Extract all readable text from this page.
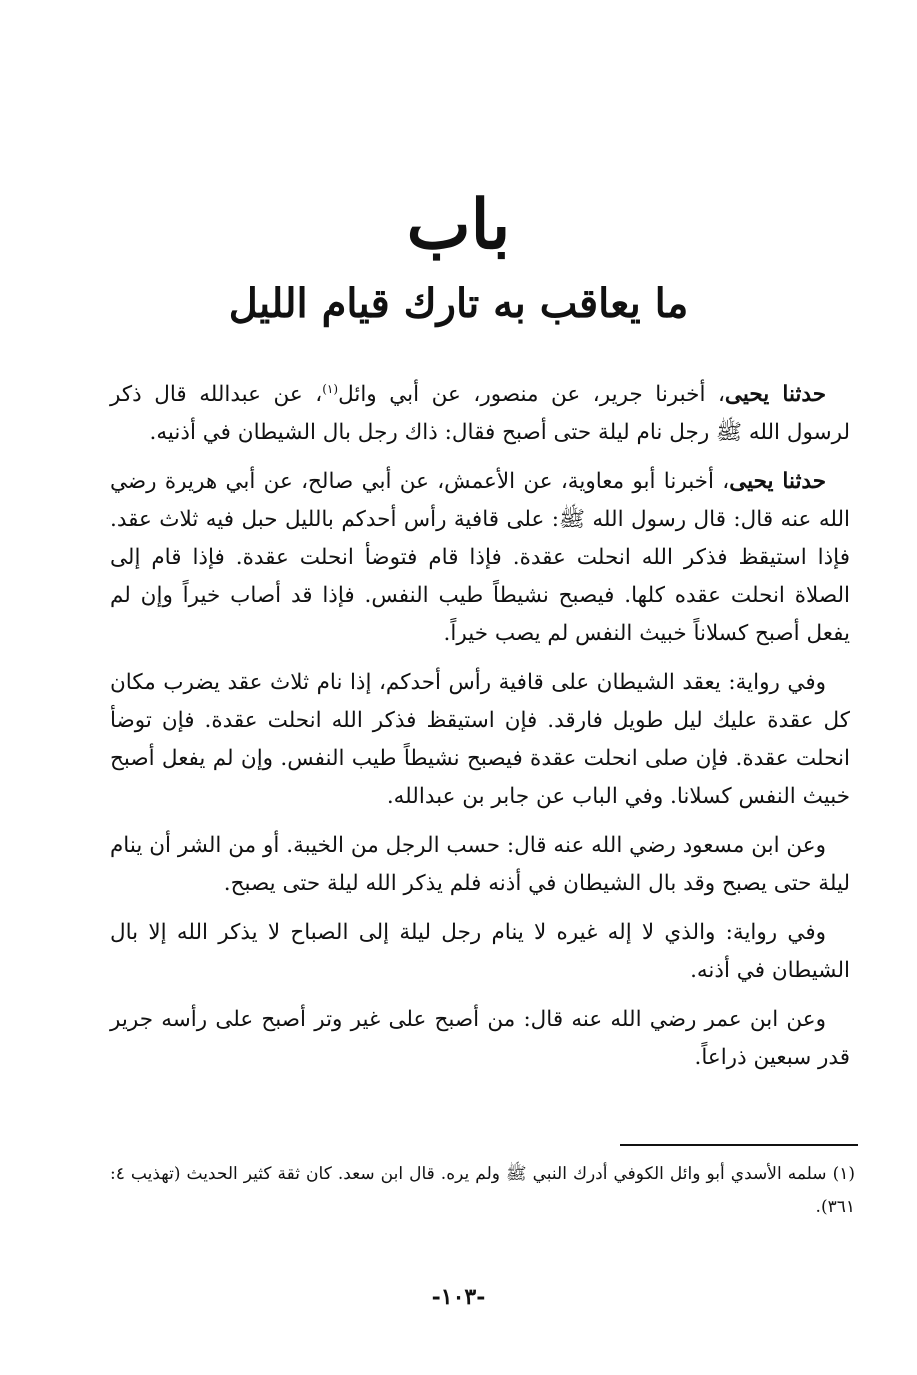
باب
ما يعاقب به تارك قيام الليل

حدثنا يحيى، أخبرنا جرير، عن منصور، عن أبي وائل$^{(١)}$، عن عبدالله قال ذكر لرسول الله ﷺ رجل نام ليلة حتى أصبح فقال: ذاك رجل بال الشيطان في أذنيه.

حدثنا يحيى، أخبرنا أبو معاوية، عن الأعمش، عن أبي صالح، عن أبي هريرة رضي الله عنه قال: قال رسول الله ﷺ: على قافية رأس أحدكم بالليل حبل فيه ثلاث عقد. فإذا استيقظ فذكر الله انحلت عقدة. فإذا قام فتوضأ انحلت عقدة. فإذا قام إلى الصلاة انحلت عقده كلها. فيصبح نشيطاً طيب النفس. فإذا قد أصاب خيراً وإن لم يفعل أصبح كسلاناً خبيث النفس لم يصب خيراً.

وفي رواية: يعقد الشيطان على قافية رأس أحدكم، إذا نام ثلاث عقد يضرب مكان كل عقدة عليك ليل طويل فارقد. فإن استيقظ فذكر الله انحلت عقدة. فإن توضأ انحلت عقدة. فإن صلى انحلت عقدة فيصبح نشيطاً طيب النفس. وإن لم يفعل أصبح خبيث النفس كسلانا. وفي الباب عن جابر بن عبدالله.

وعن ابن مسعود رضي الله عنه قال: حسب الرجل من الخيبة. أو من الشر أن ينام ليلة حتى يصبح وقد بال الشيطان في أذنه فلم يذكر الله ليلة حتى يصبح.

وفي رواية: والذي لا إله غيره لا ينام رجل ليلة إلى الصباح لا يذكر الله إلا بال الشيطان في أذنه.

وعن ابن عمر رضي الله عنه قال: من أصبح على غير وتر أصبح على رأسه جرير قدر سبعين ذراعاً.

(١) سلمه الأسدي أبو وائل الكوفي أدرك النبي ﷺ ولم يره. قال ابن سعد. كان ثقة كثير الحديث (تهذيب ٤: ٣٦١).
-١٠٣-
